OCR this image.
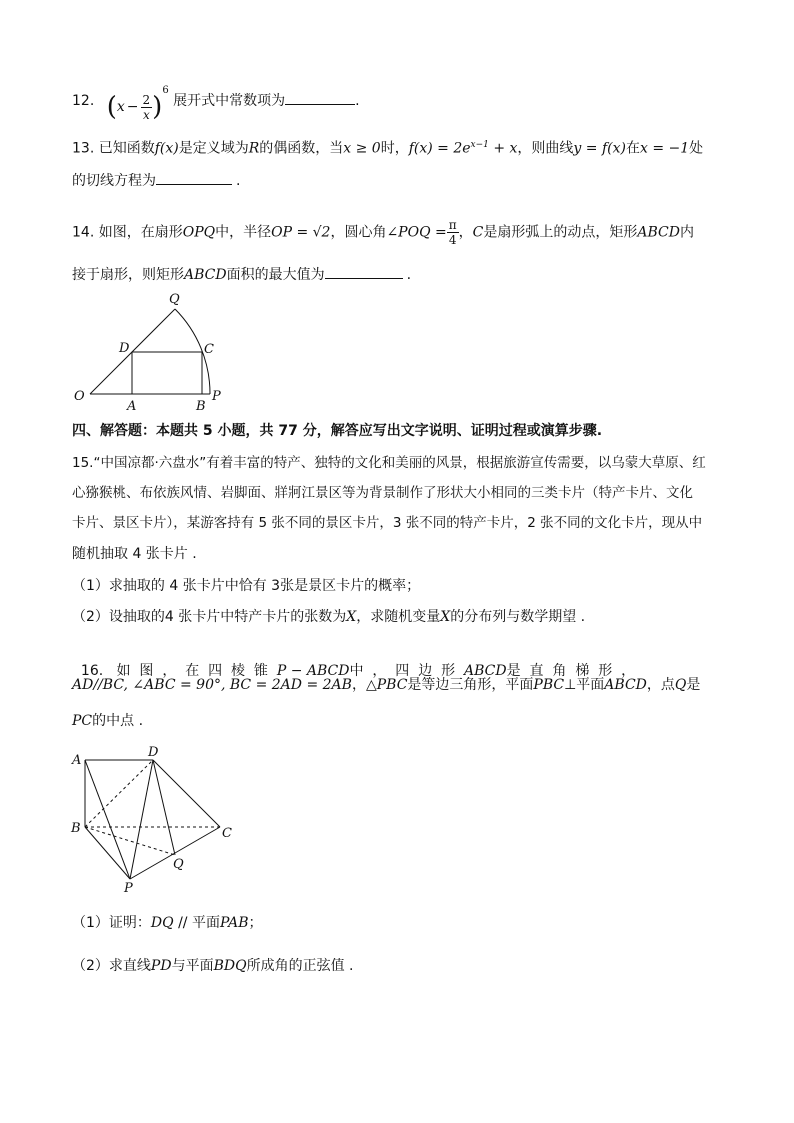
12. $(x - \frac{2}{x} )^6$ 展开式中常数项为	.
13. 已知函数f(x)是定义域为R的偶函数，当x ≥ 0时，$f(x) = 2e^{x-1} + x$，则曲线y = f(x)在x = −1处
的切线方程为	.
14. 如图，在扇形OPQ中，半径OP = √2，圆心角∠POQ = $\frac{\pi}{4}$ ，C是扇形弧上的动点，矩形ABCD内
接于扇形，则矩形ABCD面积的最大值为	.
Q
D	C
O
A	B
P
四、解答题：本题共 5 小题，共 77 分，解答应写出文字说明、证明过程或演算步骤.
15.“中国凉都·六盘水”有着丰富的特产、独特的文化和美丽的风景，根据旅游宣传需要，以乌蒙大草原、红
心猕猴桃、布依族风情、岩脚面、牂牁江景区等为背景制作了形状大小相同的三类卡片（特产卡片、文化
卡片、景区卡片），某游客持有 5 张不同的景区卡片，3 张不同的特产卡片，2 张不同的文化卡片，现从中
随机抽取 4 张卡片 .
（1）求抽取的 4 张卡片中恰有 3张是景区卡片的概率；
（2）设抽取的4 张卡片中特产卡片的张数为X，求随机变量X的分布列与数学期望 .

16.   如  图  ，  在  四  棱  锥 P − ABCD中  ，  四  边  形 ABCD是  直  角  梯  形  ，

AD//BC, ∠ABC = 90°, BC = 2AD = 2AB，△PBC是等边三角形，平面PBC⊥平面ABCD，点Q是
PC的中点 .
A
D
B	C
Q
P
（1）证明：DQ // 平面PAB；
（2）求直线PD与平面BDQ所成角的正弦值 .
